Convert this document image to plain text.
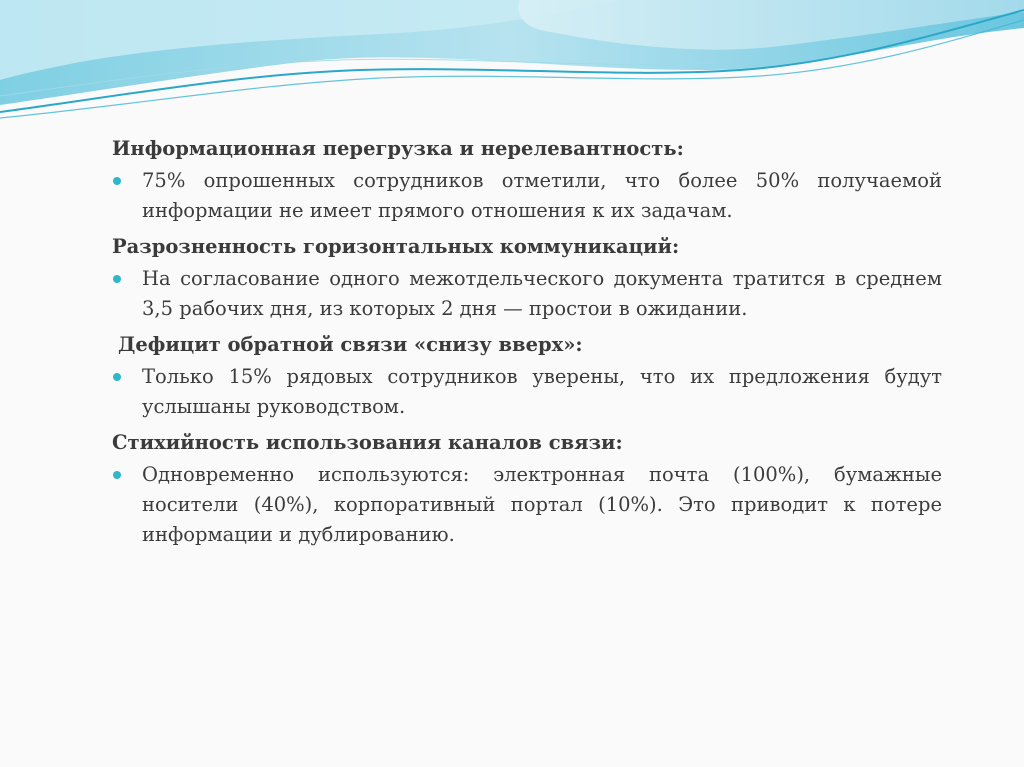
Информационная перегрузка и нерелевантность:
75% опрошенных сотрудников отметили, что более 50% получаемой информации не имеет прямого отношения к их задачам.
Разрозненность горизонтальных коммуникаций:
На согласование одного межотдельческого документа тратится в среднем 3,5 рабочих дня, из которых 2 дня — простои в ожидании.
Дефицит обратной связи «снизу вверх»:
Только 15% рядовых сотрудников уверены, что их предложения будут услышаны руководством.
Стихийность использования каналов связи:
Одновременно используются: электронная почта (100%), бумажные носители (40%), корпоративный портал (10%). Это приводит к потере информации и дублированию.
